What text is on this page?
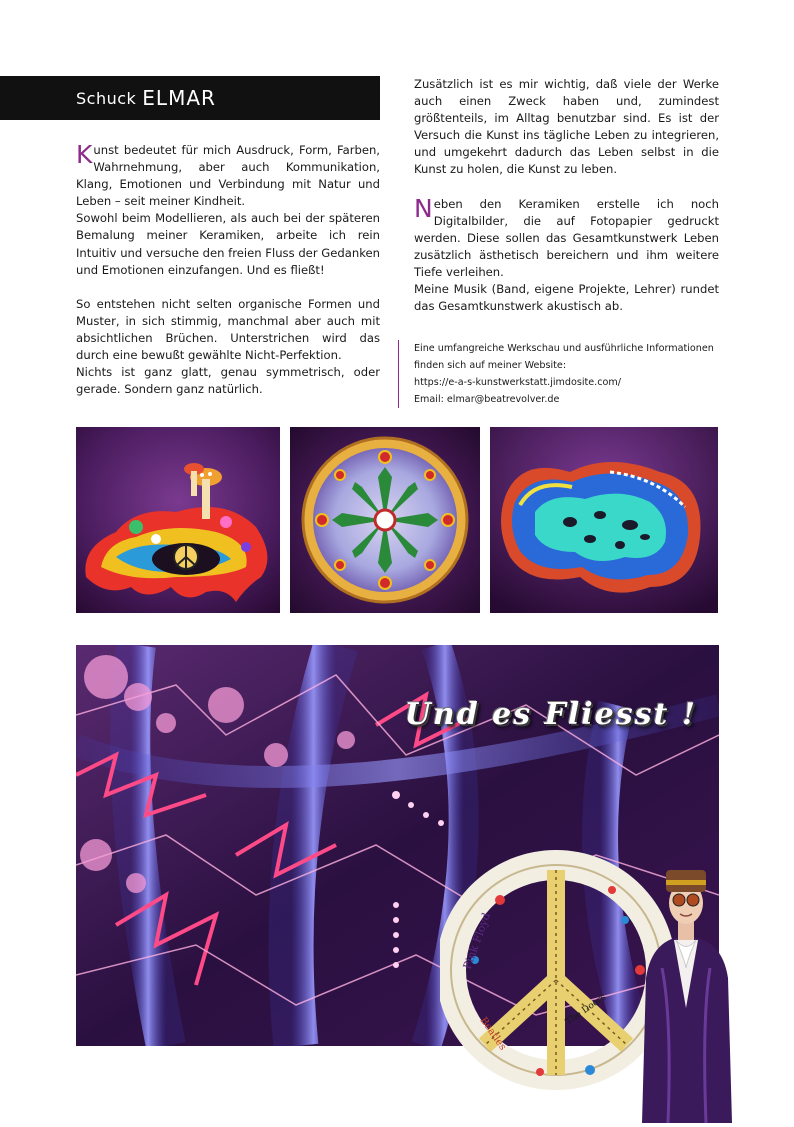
Schuck ELMAR

Kunst bedeutet für mich Ausdruck, Form, Farben, Wahrnehmung, aber auch Kommunikation, Klang, Emotionen und Verbindung mit Natur und Leben – seit meiner Kindheit.

Sowohl beim Modellieren, als auch bei der späteren Bemalung meiner Keramiken, arbeite ich rein Intuitiv und versuche den freien Fluss der Gedanken und Emotionen einzufangen. Und es fließt!

So entstehen nicht selten organische Formen und Muster, in sich stimmig, manchmal aber auch mit absichtlichen Brüchen. Unterstrichen wird das durch eine bewußt gewählte Nicht-Perfektion.

Nichts ist ganz glatt, genau symmetrisch, oder gerade. Sondern ganz natürlich.

Zusätzlich ist es mir wichtig, daß viele der Werke auch einen Zweck haben und, zumindest größtenteils, im Alltag benutzbar sind. Es ist der Versuch die Kunst ins tägliche Leben zu integrieren, und umgekehrt dadurch das Leben selbst in die Kunst zu holen, die Kunst zu leben.

Neben den Keramiken erstelle ich noch Digitalbilder, die auf Fotopapier gedruckt werden. Diese sollen das Gesamtkunstwerk Leben zusätzlich ästhetisch bereichern und ihm weitere Tiefe verleihen.

Meine Musik (Band, eigene Projekte, Lehrer) rundet das Gesamtkunstwerk akustisch ab.

Eine umfangreiche Werkschau und ausführliche Informationen
finden sich auf meiner Website:
https://e-a-s-kunstwerkstatt.jimdosite.com/
Email: elmar@beatrevolver.de
Und es Fliesst !
Pink Floyd
The Doors
Beatles
